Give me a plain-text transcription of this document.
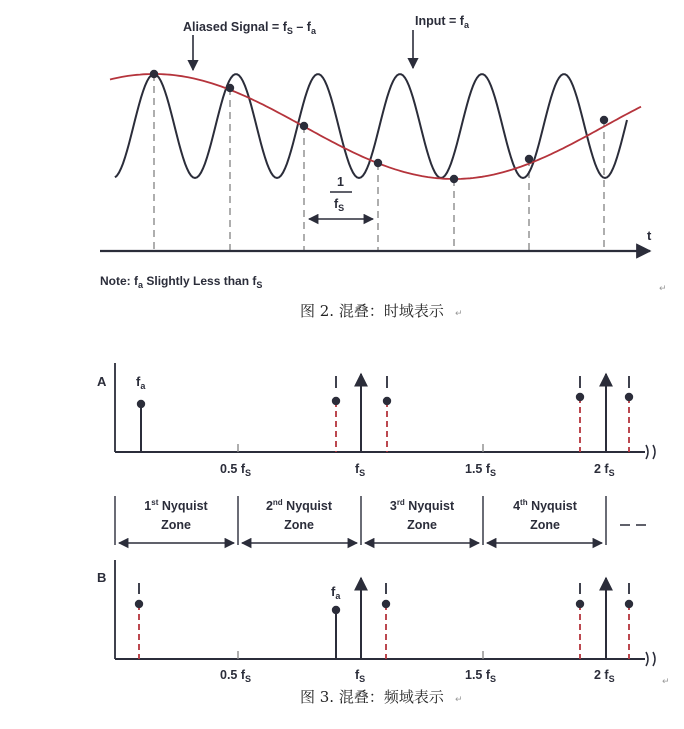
Aliased Signal = $f_S - f_a$
Input = $f_a$
1
$f_S$
t
Note: $f_a$ Slightly Less than $f_S$	↵
图 2. 混叠：时域表示 ↵
A $f_a$
0.5 $f_S$	$f_S$	1.5 $f_S$	2 $f_S$
1st Nyquist
Zone
2nd Nyquist
Zone
3rd Nyquist
Zone
4th Nyquist
Zone
B
$f_a$
0.5 $f_S$	$f_S$	1.5 $f_S$	2 $f_S$	↵
图 3. 混叠：频域表示 ↵
